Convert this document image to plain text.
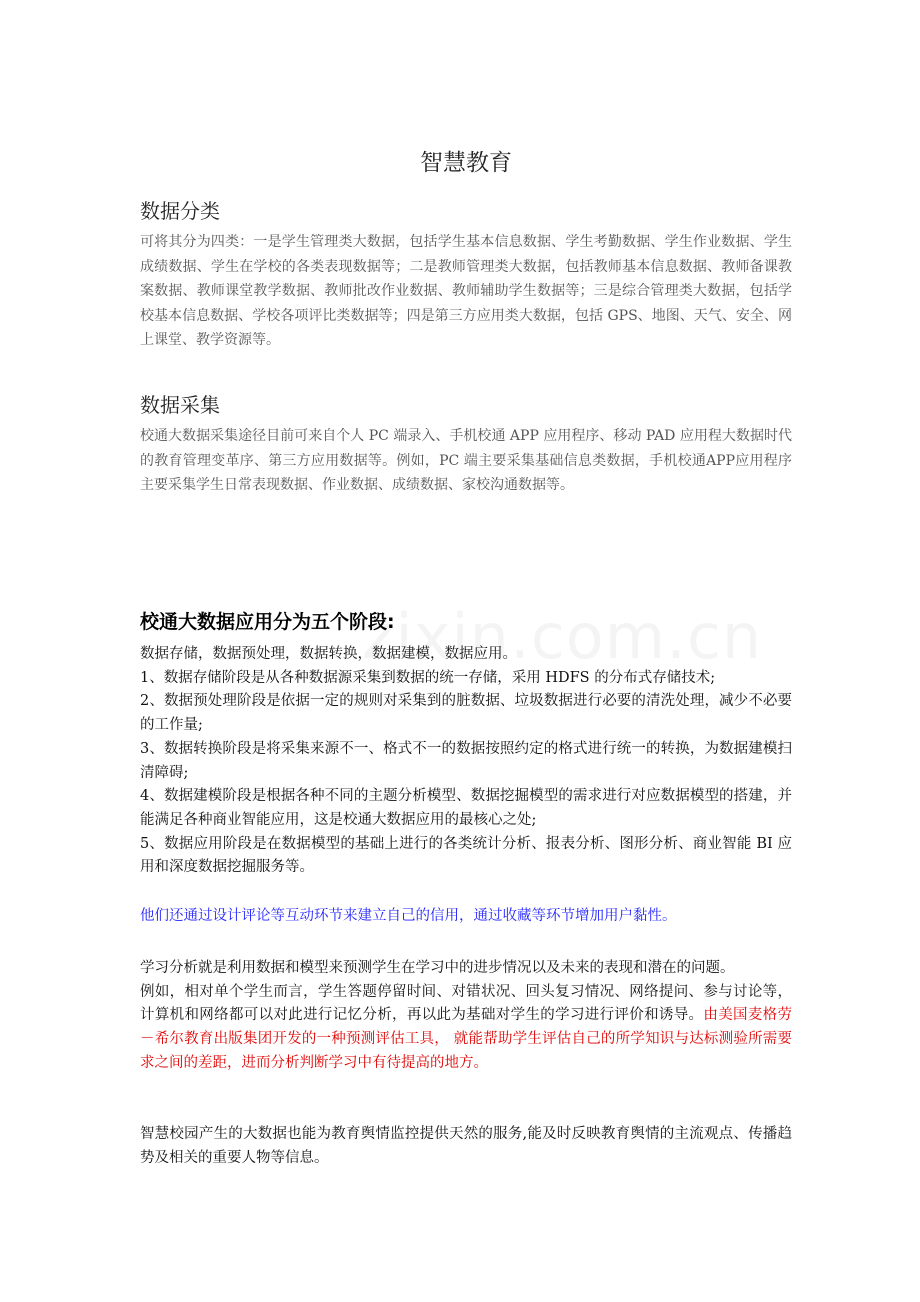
智慧教育
数据分类

可将其分为四类：一是学生管理类大数据，包括学生基本信息数据、学生考勤数据、学生作业数据、学生成绩数据、学生在学校的各类表现数据等；二是教师管理类大数据，包括教师基本信息数据、教师备课教案数据、教师课堂教学数据、教师批改作业数据、教师辅助学生数据等；三是综合管理类大数据，包括学校基本信息数据、学校各项评比类数据等；四是第三方应用类大数据，包括 GPS、地图、天气、安全、网上课堂、教学资源等。

数据采集

校通大数据采集途径目前可来自个人 PC 端录入、手机校通 APP 应用程序、移动 PAD 应用程大数据时代的教育管理变革序、第三方应用数据等。例如，PC 端主要采集基础信息类数据，手机校通APP应用程序主要采集学生日常表现数据、作业数据、成绩数据、家校沟通数据等。

校通大数据应用分为五个阶段:
数据存储，数据预处理，数据转换，数据建模，数据应用。
1、数据存储阶段是从各种数据源采集到数据的统一存储，采用 HDFS 的分布式存储技术;
2、数据预处理阶段是依据一定的规则对采集到的脏数据、垃圾数据进行必要的清洗处理，减少不必要的工作量;
3、数据转换阶段是将采集来源不一、格式不一的数据按照约定的格式进行统一的转换，为数据建模扫清障碍;
4、数据建模阶段是根据各种不同的主题分析模型、数据挖掘模型的需求进行对应数据模型的搭建，并能满足各种商业智能应用，这是校通大数据应用的最核心之处;
5、数据应用阶段是在数据模型的基础上进行的各类统计分析、报表分析、图形分析、商业智能 BI 应用和深度数据挖掘服务等。

他们还通过设计评论等互动环节来建立自己的信用，通过收藏等环节增加用户黏性。

学习分析就是利用数据和模型来预测学生在学习中的进步情况以及未来的表现和潜在的问题。
例如，相对单个学生而言，学生答题停留时间、对错状况、回头复习情况、网络提问、参与讨论等，计算机和网络都可以对此进行记忆分析，再以此为基础对学生的学习进行评价和诱导。由美国麦格劳－希尔教育出版集团开发的一种预测评估工具， 就能帮助学生评估自己的所学知识与达标测验所需要求之间的差距，进而分析判断学习中有待提高的地方。

智慧校园产生的大数据也能为教育舆情监控提供天然的服务,能及时反映教育舆情的主流观点、传播趋势及相关的重要人物等信息。
